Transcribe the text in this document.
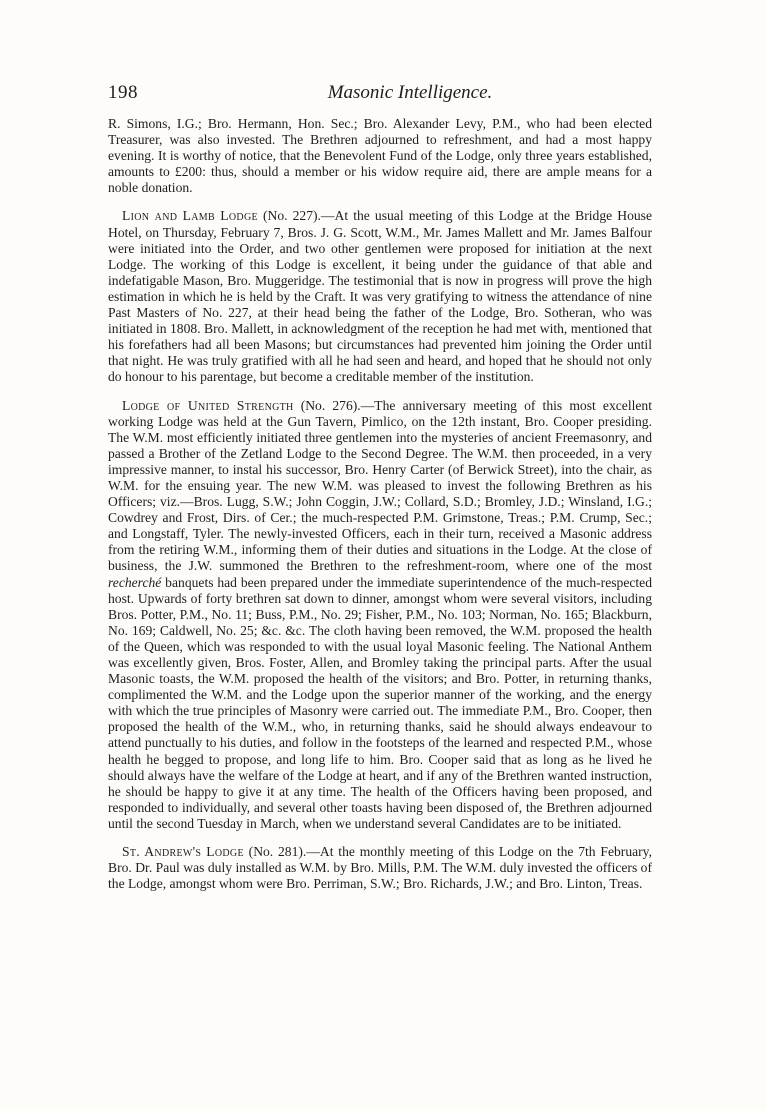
198	Masonic Intelligence.

R. Simons, I.G.; Bro. Hermann, Hon. Sec.; Bro. Alexander Levy, P.M., who had been elected Treasurer, was also invested. The Brethren adjourned to refreshment, and had a most happy evening. It is worthy of notice, that the Benevolent Fund of the Lodge, only three years established, amounts to £200: thus, should a member or his widow require aid, there are ample means for a noble donation.

Lion and Lamb Lodge (No. 227).—At the usual meeting of this Lodge at the Bridge House Hotel, on Thursday, February 7, Bros. J. G. Scott, W.M., Mr. James Mallett and Mr. James Balfour were initiated into the Order, and two other gentlemen were proposed for initiation at the next Lodge. The working of this Lodge is excellent, it being under the guidance of that able and indefatigable Mason, Bro. Muggeridge. The testimonial that is now in progress will prove the high estimation in which he is held by the Craft. It was very gratifying to witness the attendance of nine Past Masters of No. 227, at their head being the father of the Lodge, Bro. Sotheran, who was initiated in 1808. Bro. Mallett, in acknowledgment of the reception he had met with, mentioned that his forefathers had all been Masons; but circumstances had prevented him joining the Order until that night. He was truly gratified with all he had seen and heard, and hoped that he should not only do honour to his parentage, but become a creditable member of the institution.

Lodge of United Strength (No. 276).—The anniversary meeting of this most excellent working Lodge was held at the Gun Tavern, Pimlico, on the 12th instant, Bro. Cooper presiding. The W.M. most efficiently initiated three gentlemen into the mysteries of ancient Freemasonry, and passed a Brother of the Zetland Lodge to the Second Degree. The W.M. then proceeded, in a very impressive manner, to instal his successor, Bro. Henry Carter (of Berwick Street), into the chair, as W.M. for the ensuing year. The new W.M. was pleased to invest the following Brethren as his Officers; viz.—Bros. Lugg, S.W.; John Coggin, J.W.; Collard, S.D.; Bromley, J.D.; Winsland, I.G.; Cowdrey and Frost, Dirs. of Cer.; the much-respected P.M. Grimstone, Treas.; P.M. Crump, Sec.; and Longstaff, Tyler. The newly-invested Officers, each in their turn, received a Masonic address from the retiring W.M., informing them of their duties and situations in the Lodge. At the close of business, the J.W. summoned the Brethren to the refreshment-room, where one of the most recherché banquets had been prepared under the immediate superintendence of the much-respected host. Upwards of forty brethren sat down to dinner, amongst whom were several visitors, including Bros. Potter, P.M., No. 11; Buss, P.M., No. 29; Fisher, P.M., No. 103; Norman, No. 165; Blackburn, No. 169; Caldwell, No. 25; &c. &c. The cloth having been removed, the W.M. proposed the health of the Queen, which was responded to with the usual loyal Masonic feeling. The National Anthem was excellently given, Bros. Foster, Allen, and Bromley taking the principal parts. After the usual Masonic toasts, the W.M. proposed the health of the visitors; and Bro. Potter, in returning thanks, complimented the W.M. and the Lodge upon the superior manner of the working, and the energy with which the true principles of Masonry were carried out. The immediate P.M., Bro. Cooper, then proposed the health of the W.M., who, in returning thanks, said he should always endeavour to attend punctually to his duties, and follow in the footsteps of the learned and respected P.M., whose health he begged to propose, and long life to him. Bro. Cooper said that as long as he lived he should always have the welfare of the Lodge at heart, and if any of the Brethren wanted instruction, he should be happy to give it at any time. The health of the Officers having been proposed, and responded to individually, and several other toasts having been disposed of, the Brethren adjourned until the second Tuesday in March, when we understand several Candidates are to be initiated.

St. Andrew's Lodge (No. 281).—At the monthly meeting of this Lodge on the 7th February, Bro. Dr. Paul was duly installed as W.M. by Bro. Mills, P.M. The W.M. duly invested the officers of the Lodge, amongst whom were Bro. Perriman, S.W.; Bro. Richards, J.W.; and Bro. Linton, Treas.
